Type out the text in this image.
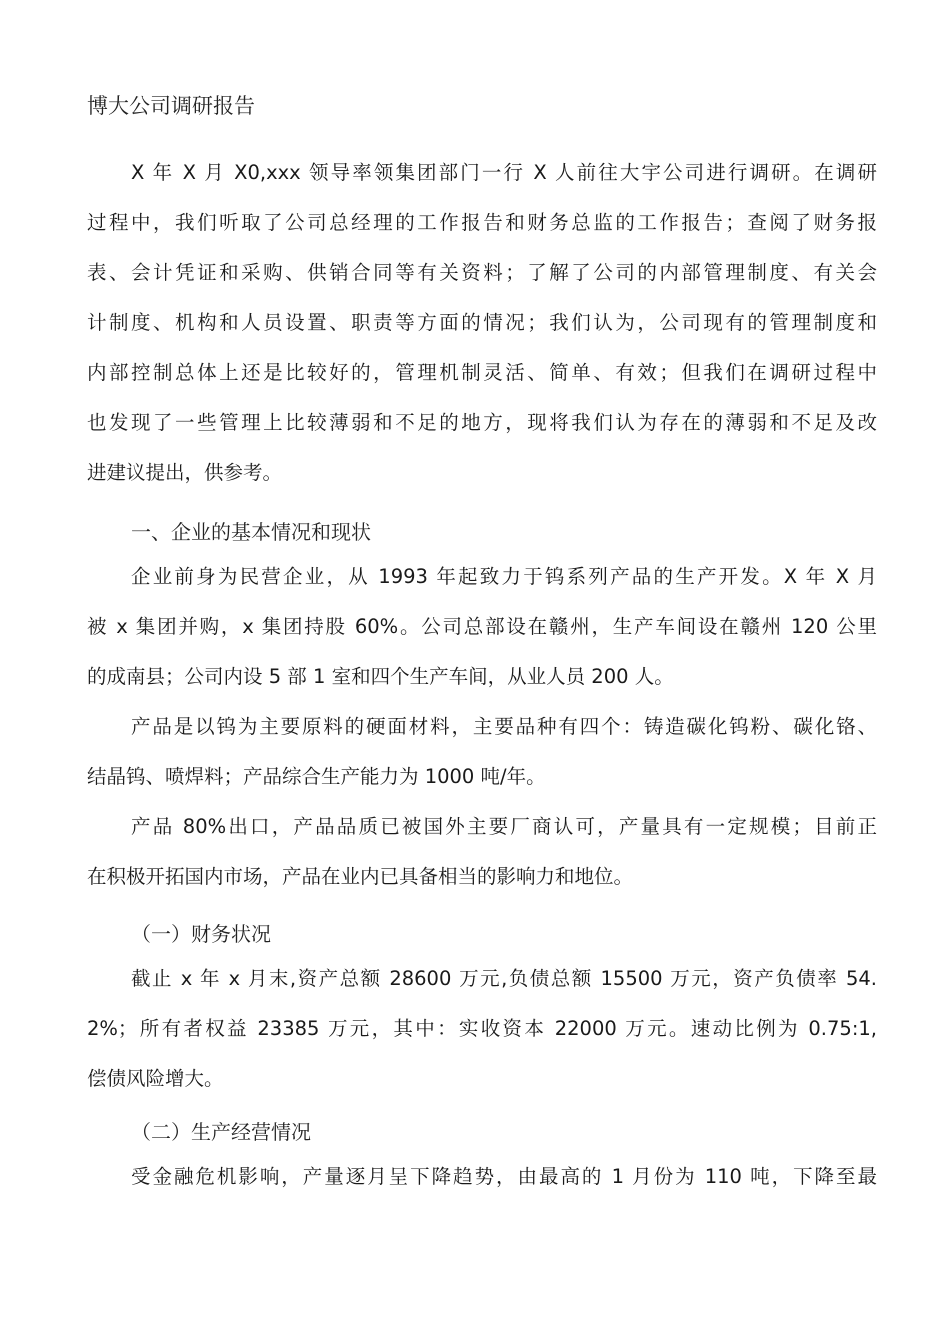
博大公司调研报告
X 年 X 月 X0,xxx 领导率领集团部门一行 X 人前往大宇公司进行调研。在调研
过程中，我们听取了公司总经理的工作报告和财务总监的工作报告；查阅了财务报
表、会计凭证和采购、供销合同等有关资料；了解了公司的内部管理制度、有关会
计制度、机构和人员设置、职责等方面的情况；我们认为，公司现有的管理制度和
内部控制总体上还是比较好的，管理机制灵活、简单、有效；但我们在调研过程中
也发现了一些管理上比较薄弱和不足的地方，现将我们认为存在的薄弱和不足及改
进建议提出，供参考。
一、企业的基本情况和现状
企业前身为民营企业，从 1993 年起致力于钨系列产品的生产开发。X 年 X 月
被 x 集团并购，x 集团持股 60%。公司总部设在赣州，生产车间设在赣州 120 公里
的成南县；公司内设 5 部 1 室和四个生产车间，从业人员 200 人。
产品是以钨为主要原料的硬面材料，主要品种有四个：铸造碳化钨粉、碳化铬、
结晶钨、喷焊料；产品综合生产能力为 1000 吨/年。
产品 80%出口，产品品质已被国外主要厂商认可，产量具有一定规模；目前正
在积极开拓国内市场，产品在业内已具备相当的影响力和地位。
（一）财务状况
截止 x 年 x 月末,资产总额 28600 万元,负债总额 15500 万元，资产负债率 54.
2%；所有者权益 23385 万元，其中：实收资本 22000 万元。速动比例为 0.75:1,
偿债风险增大。
（二）生产经营情况
受金融危机影响，产量逐月呈下降趋势，由最高的 1 月份为 110 吨，下降至最
